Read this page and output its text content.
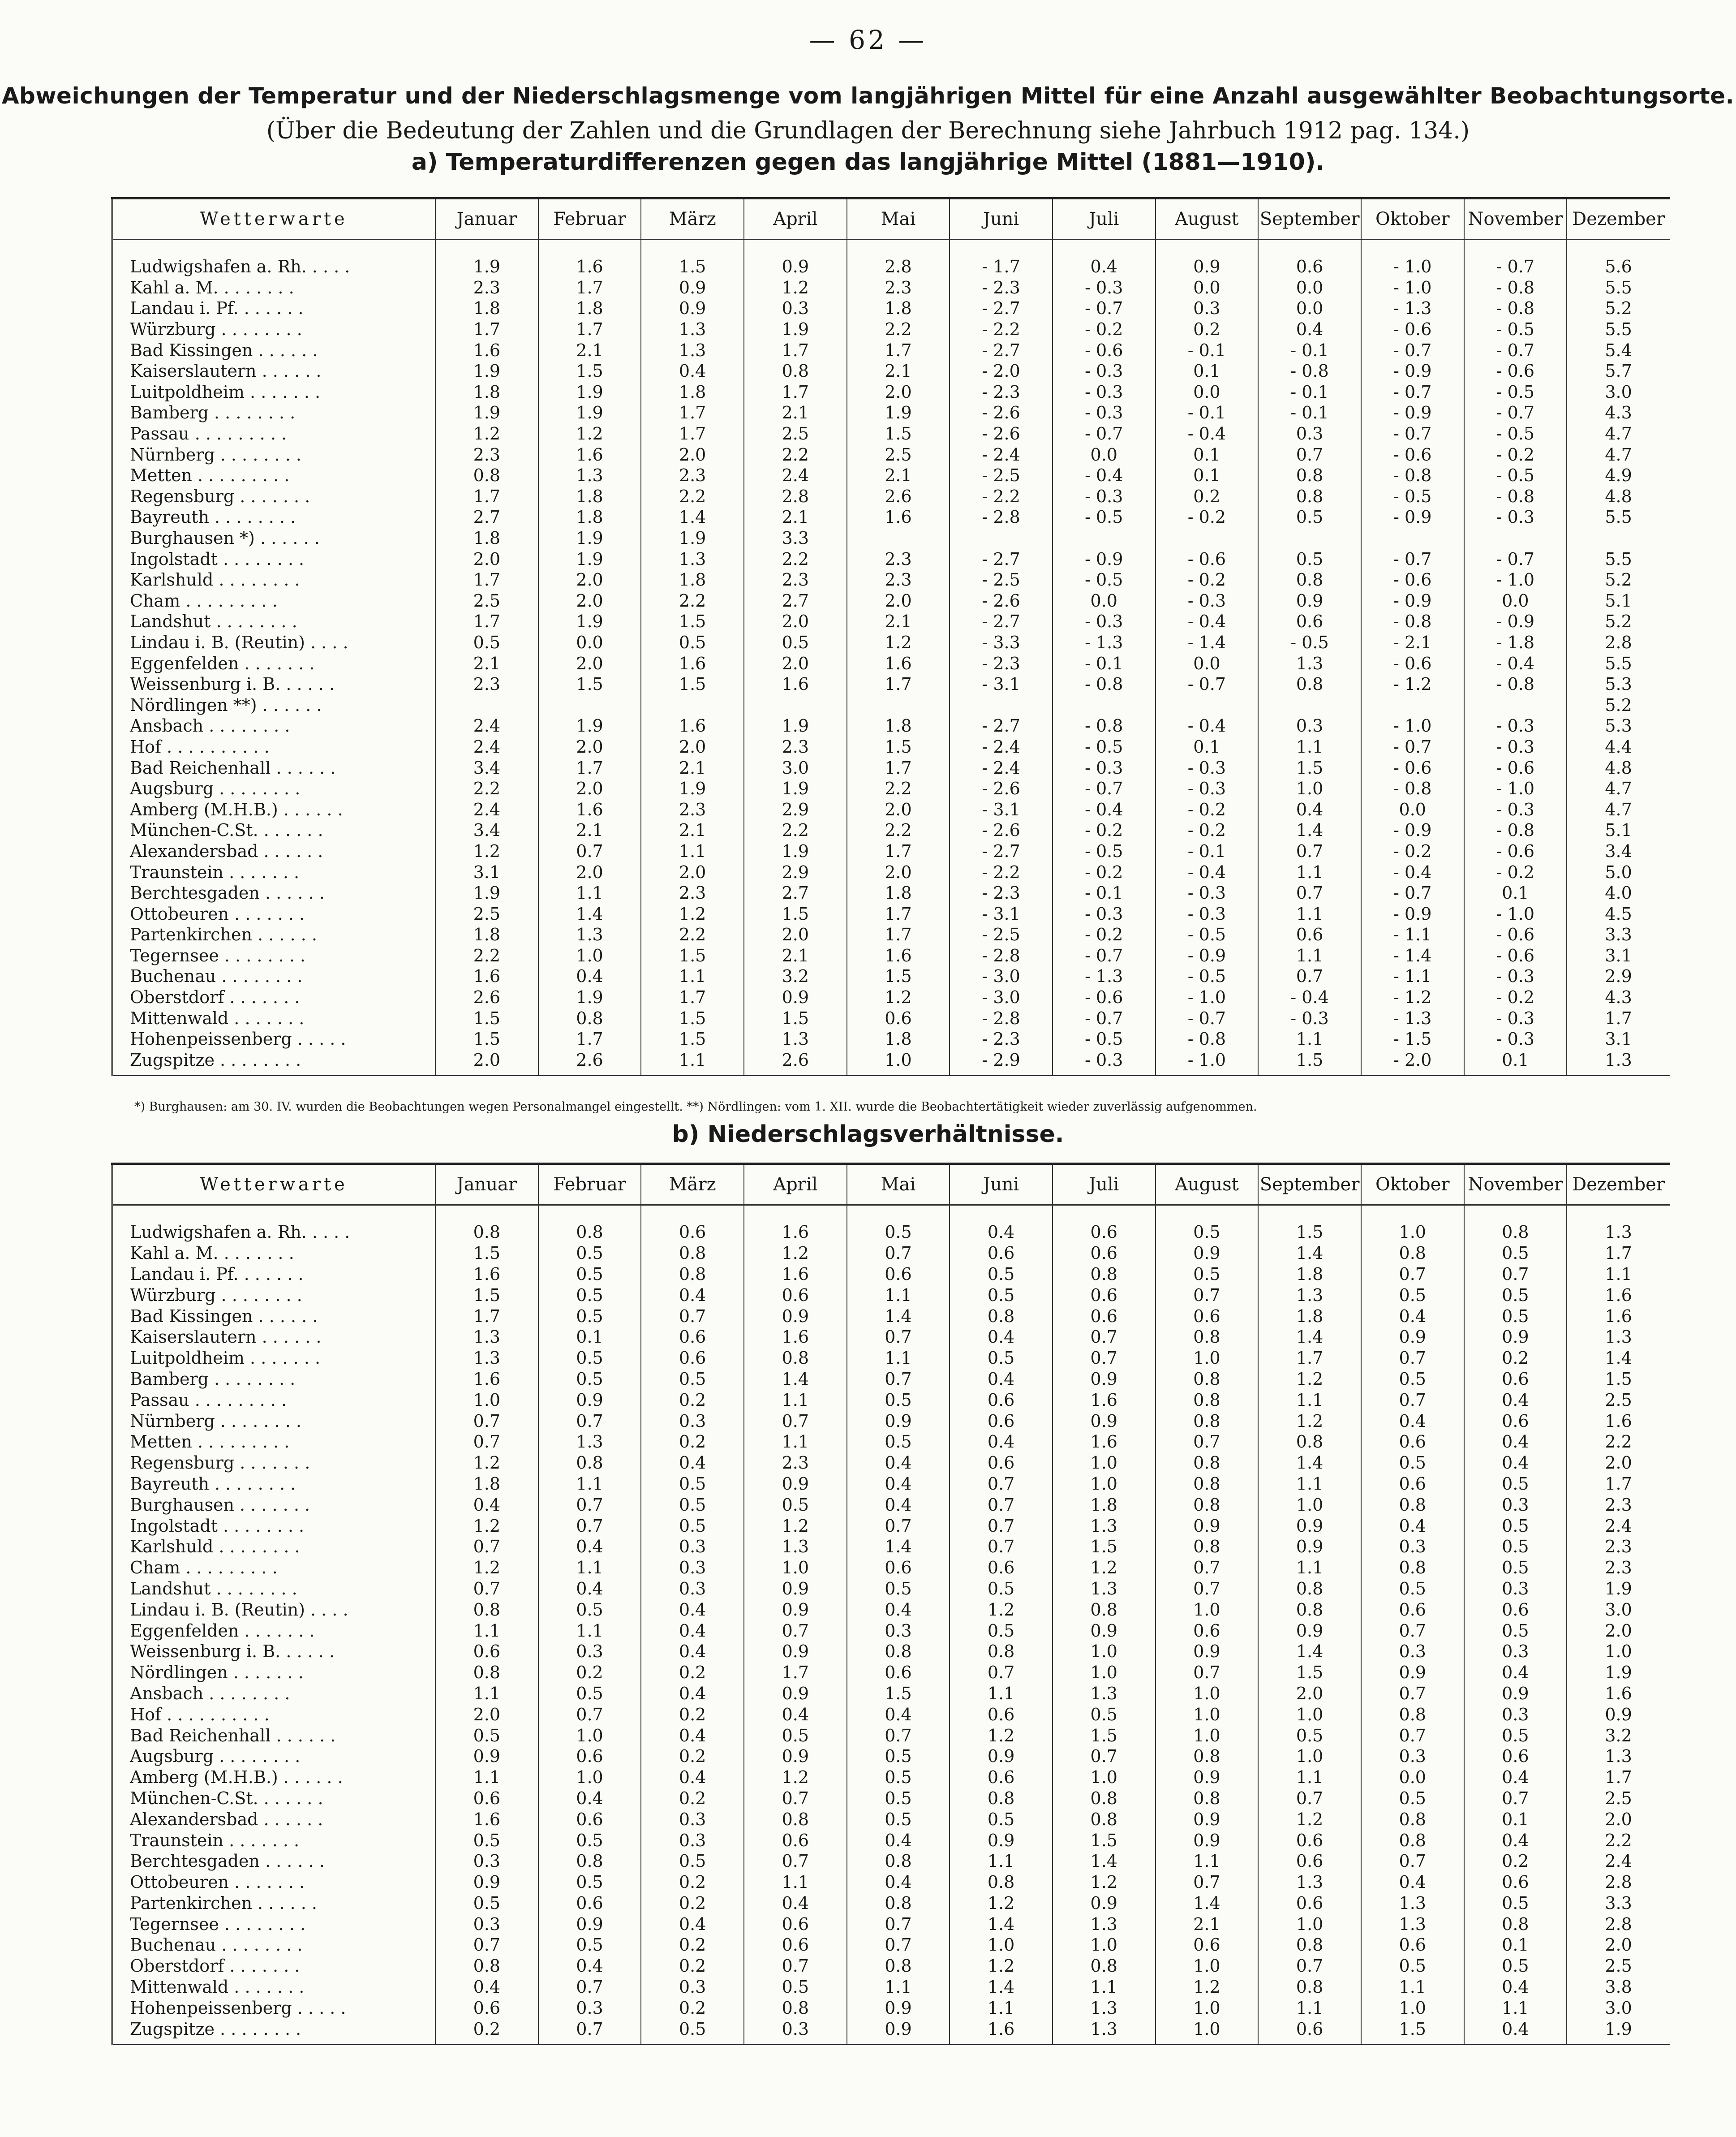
— 62 —
Abweichungen der Temperatur und der Niederschlagsmenge vom langjährigen Mittel für eine Anzahl ausgewählter Beobachtungsorte.
(Über die Bedeutung der Zahlen und die Grundlagen der Berechnung siehe Jahrbuch 1912 pag. 134.)
a) Temperaturdifferenzen gegen das langjährige Mittel (1881—1910).
Wetterwarte	Januar	Februar	März	April	Mai	Juni	Juli	August	September	Oktober	November	Dezember
Ludwigshafen a. Rh. . . . .	1.9	1.6	1.5	0.9	2.8	- 1.7	0.4	0.9	0.6	- 1.0	- 0.7	5.6
Kahl a. M. . . . . . . .	2.3	1.7	0.9	1.2	2.3	- 2.3	- 0.3	0.0	0.0	- 1.0	- 0.8	5.5
Landau i. Pf. . . . . . .	1.8	1.8	0.9	0.3	1.8	- 2.7	- 0.7	0.3	0.0	- 1.3	- 0.8	5.2
Würzburg . . . . . . . .	1.7	1.7	1.3	1.9	2.2	- 2.2	- 0.2	0.2	0.4	- 0.6	- 0.5	5.5
Bad Kissingen . . . . . .	1.6	2.1	1.3	1.7	1.7	- 2.7	- 0.6	- 0.1	- 0.1	- 0.7	- 0.7	5.4
Kaiserslautern . . . . . .	1.9	1.5	0.4	0.8	2.1	- 2.0	- 0.3	0.1	- 0.8	- 0.9	- 0.6	5.7
Luitpoldheim . . . . . . .	1.8	1.9	1.8	1.7	2.0	- 2.3	- 0.3	0.0	- 0.1	- 0.7	- 0.5	3.0
Bamberg . . . . . . . .	1.9	1.9	1.7	2.1	1.9	- 2.6	- 0.3	- 0.1	- 0.1	- 0.9	- 0.7	4.3
Passau . . . . . . . . .	1.2	1.2	1.7	2.5	1.5	- 2.6	- 0.7	- 0.4	0.3	- 0.7	- 0.5	4.7
Nürnberg . . . . . . . .	2.3	1.6	2.0	2.2	2.5	- 2.4	0.0	0.1	0.7	- 0.6	- 0.2	4.7
Metten . . . . . . . . .	0.8	1.3	2.3	2.4	2.1	- 2.5	- 0.4	0.1	0.8	- 0.8	- 0.5	4.9
Regensburg . . . . . . .	1.7	1.8	2.2	2.8	2.6	- 2.2	- 0.3	0.2	0.8	- 0.5	- 0.8	4.8
Bayreuth . . . . . . . .	2.7	1.8	1.4	2.1	1.6	- 2.8	- 0.5	- 0.2	0.5	- 0.9	- 0.3	5.5
Burghausen *) . . . . . .	1.8	1.9	1.9	3.3								
Ingolstadt . . . . . . . .	2.0	1.9	1.3	2.2	2.3	- 2.7	- 0.9	- 0.6	0.5	- 0.7	- 0.7	5.5
Karlshuld . . . . . . . .	1.7	2.0	1.8	2.3	2.3	- 2.5	- 0.5	- 0.2	0.8	- 0.6	- 1.0	5.2
Cham . . . . . . . . .	2.5	2.0	2.2	2.7	2.0	- 2.6	0.0	- 0.3	0.9	- 0.9	0.0	5.1
Landshut . . . . . . . .	1.7	1.9	1.5	2.0	2.1	- 2.7	- 0.3	- 0.4	0.6	- 0.8	- 0.9	5.2
Lindau i. B. (Reutin) . . . .	0.5	0.0	0.5	0.5	1.2	- 3.3	- 1.3	- 1.4	- 0.5	- 2.1	- 1.8	2.8
Eggenfelden . . . . . . .	2.1	2.0	1.6	2.0	1.6	- 2.3	- 0.1	0.0	1.3	- 0.6	- 0.4	5.5
Weissenburg i. B. . . . . .	2.3	1.5	1.5	1.6	1.7	- 3.1	- 0.8	- 0.7	0.8	- 1.2	- 0.8	5.3
Nördlingen **) . . . . . .												5.2
Ansbach . . . . . . . .	2.4	1.9	1.6	1.9	1.8	- 2.7	- 0.8	- 0.4	0.3	- 1.0	- 0.3	5.3
Hof . . . . . . . . . .	2.4	2.0	2.0	2.3	1.5	- 2.4	- 0.5	0.1	1.1	- 0.7	- 0.3	4.4
Bad Reichenhall . . . . . .	3.4	1.7	2.1	3.0	1.7	- 2.4	- 0.3	- 0.3	1.5	- 0.6	- 0.6	4.8
Augsburg . . . . . . . .	2.2	2.0	1.9	1.9	2.2	- 2.6	- 0.7	- 0.3	1.0	- 0.8	- 1.0	4.7
Amberg (M.H.B.) . . . . . .	2.4	1.6	2.3	2.9	2.0	- 3.1	- 0.4	- 0.2	0.4	0.0	- 0.3	4.7
München-C.St. . . . . . .	3.4	2.1	2.1	2.2	2.2	- 2.6	- 0.2	- 0.2	1.4	- 0.9	- 0.8	5.1
Alexandersbad . . . . . .	1.2	0.7	1.1	1.9	1.7	- 2.7	- 0.5	- 0.1	0.7	- 0.2	- 0.6	3.4
Traunstein . . . . . . .	3.1	2.0	2.0	2.9	2.0	- 2.2	- 0.2	- 0.4	1.1	- 0.4	- 0.2	5.0
Berchtesgaden . . . . . .	1.9	1.1	2.3	2.7	1.8	- 2.3	- 0.1	- 0.3	0.7	- 0.7	0.1	4.0
Ottobeuren . . . . . . .	2.5	1.4	1.2	1.5	1.7	- 3.1	- 0.3	- 0.3	1.1	- 0.9	- 1.0	4.5
Partenkirchen . . . . . .	1.8	1.3	2.2	2.0	1.7	- 2.5	- 0.2	- 0.5	0.6	- 1.1	- 0.6	3.3
Tegernsee . . . . . . . .	2.2	1.0	1.5	2.1	1.6	- 2.8	- 0.7	- 0.9	1.1	- 1.4	- 0.6	3.1
Buchenau . . . . . . . .	1.6	0.4	1.1	3.2	1.5	- 3.0	- 1.3	- 0.5	0.7	- 1.1	- 0.3	2.9
Oberstdorf . . . . . . .	2.6	1.9	1.7	0.9	1.2	- 3.0	- 0.6	- 1.0	- 0.4	- 1.2	- 0.2	4.3
Mittenwald . . . . . . .	1.5	0.8	1.5	1.5	0.6	- 2.8	- 0.7	- 0.7	- 0.3	- 1.3	- 0.3	1.7
Hohenpeissenberg . . . . .	1.5	1.7	1.5	1.3	1.8	- 2.3	- 0.5	- 0.8	1.1	- 1.5	- 0.3	3.1
Zugspitze . . . . . . . .	2.0	2.6	1.1	2.6	1.0	- 2.9	- 0.3	- 1.0	1.5	- 2.0	0.1	1.3
*) Burghausen: am 30. IV. wurden die Beobachtungen wegen Personalmangel eingestellt. **) Nördlingen: vom 1. XII. wurde die Beobachtertätigkeit wieder zuverlässig aufgenommen.
b) Niederschlagsverhältnisse.
Wetterwarte	Januar	Februar	März	April	Mai	Juni	Juli	August	September	Oktober	November	Dezember
Ludwigshafen a. Rh. . . . .	0.8	0.8	0.6	1.6	0.5	0.4	0.6	0.5	1.5	1.0	0.8	1.3
Kahl a. M. . . . . . . .	1.5	0.5	0.8	1.2	0.7	0.6	0.6	0.9	1.4	0.8	0.5	1.7
Landau i. Pf. . . . . . .	1.6	0.5	0.8	1.6	0.6	0.5	0.8	0.5	1.8	0.7	0.7	1.1
Würzburg . . . . . . . .	1.5	0.5	0.4	0.6	1.1	0.5	0.6	0.7	1.3	0.5	0.5	1.6
Bad Kissingen . . . . . .	1.7	0.5	0.7	0.9	1.4	0.8	0.6	0.6	1.8	0.4	0.5	1.6
Kaiserslautern . . . . . .	1.3	0.1	0.6	1.6	0.7	0.4	0.7	0.8	1.4	0.9	0.9	1.3
Luitpoldheim . . . . . . .	1.3	0.5	0.6	0.8	1.1	0.5	0.7	1.0	1.7	0.7	0.2	1.4
Bamberg . . . . . . . .	1.6	0.5	0.5	1.4	0.7	0.4	0.9	0.8	1.2	0.5	0.6	1.5
Passau . . . . . . . . .	1.0	0.9	0.2	1.1	0.5	0.6	1.6	0.8	1.1	0.7	0.4	2.5
Nürnberg . . . . . . . .	0.7	0.7	0.3	0.7	0.9	0.6	0.9	0.8	1.2	0.4	0.6	1.6
Metten . . . . . . . . .	0.7	1.3	0.2	1.1	0.5	0.4	1.6	0.7	0.8	0.6	0.4	2.2
Regensburg . . . . . . .	1.2	0.8	0.4	2.3	0.4	0.6	1.0	0.8	1.4	0.5	0.4	2.0
Bayreuth . . . . . . . .	1.8	1.1	0.5	0.9	0.4	0.7	1.0	0.8	1.1	0.6	0.5	1.7
Burghausen . . . . . . .	0.4	0.7	0.5	0.5	0.4	0.7	1.8	0.8	1.0	0.8	0.3	2.3
Ingolstadt . . . . . . . .	1.2	0.7	0.5	1.2	0.7	0.7	1.3	0.9	0.9	0.4	0.5	2.4
Karlshuld . . . . . . . .	0.7	0.4	0.3	1.3	1.4	0.7	1.5	0.8	0.9	0.3	0.5	2.3
Cham . . . . . . . . .	1.2	1.1	0.3	1.0	0.6	0.6	1.2	0.7	1.1	0.8	0.5	2.3
Landshut . . . . . . . .	0.7	0.4	0.3	0.9	0.5	0.5	1.3	0.7	0.8	0.5	0.3	1.9
Lindau i. B. (Reutin) . . . .	0.8	0.5	0.4	0.9	0.4	1.2	0.8	1.0	0.8	0.6	0.6	3.0
Eggenfelden . . . . . . .	1.1	1.1	0.4	0.7	0.3	0.5	0.9	0.6	0.9	0.7	0.5	2.0
Weissenburg i. B. . . . . .	0.6	0.3	0.4	0.9	0.8	0.8	1.0	0.9	1.4	0.3	0.3	1.0
Nördlingen . . . . . . .	0.8	0.2	0.2	1.7	0.6	0.7	1.0	0.7	1.5	0.9	0.4	1.9
Ansbach . . . . . . . .	1.1	0.5	0.4	0.9	1.5	1.1	1.3	1.0	2.0	0.7	0.9	1.6
Hof . . . . . . . . . .	2.0	0.7	0.2	0.4	0.4	0.6	0.5	1.0	1.0	0.8	0.3	0.9
Bad Reichenhall . . . . . .	0.5	1.0	0.4	0.5	0.7	1.2	1.5	1.0	0.5	0.7	0.5	3.2
Augsburg . . . . . . . .	0.9	0.6	0.2	0.9	0.5	0.9	0.7	0.8	1.0	0.3	0.6	1.3
Amberg (M.H.B.) . . . . . .	1.1	1.0	0.4	1.2	0.5	0.6	1.0	0.9	1.1	0.0	0.4	1.7
München-C.St. . . . . . .	0.6	0.4	0.2	0.7	0.5	0.8	0.8	0.8	0.7	0.5	0.7	2.5
Alexandersbad . . . . . .	1.6	0.6	0.3	0.8	0.5	0.5	0.8	0.9	1.2	0.8	0.1	2.0
Traunstein . . . . . . .	0.5	0.5	0.3	0.6	0.4	0.9	1.5	0.9	0.6	0.8	0.4	2.2
Berchtesgaden . . . . . .	0.3	0.8	0.5	0.7	0.8	1.1	1.4	1.1	0.6	0.7	0.2	2.4
Ottobeuren . . . . . . .	0.9	0.5	0.2	1.1	0.4	0.8	1.2	0.7	1.3	0.4	0.6	2.8
Partenkirchen . . . . . .	0.5	0.6	0.2	0.4	0.8	1.2	0.9	1.4	0.6	1.3	0.5	3.3
Tegernsee . . . . . . . .	0.3	0.9	0.4	0.6	0.7	1.4	1.3	2.1	1.0	1.3	0.8	2.8
Buchenau . . . . . . . .	0.7	0.5	0.2	0.6	0.7	1.0	1.0	0.6	0.8	0.6	0.1	2.0
Oberstdorf . . . . . . .	0.8	0.4	0.2	0.7	0.8	1.2	0.8	1.0	0.7	0.5	0.5	2.5
Mittenwald . . . . . . .	0.4	0.7	0.3	0.5	1.1	1.4	1.1	1.2	0.8	1.1	0.4	3.8
Hohenpeissenberg . . . . .	0.6	0.3	0.2	0.8	0.9	1.1	1.3	1.0	1.1	1.0	1.1	3.0
Zugspitze . . . . . . . .	0.2	0.7	0.5	0.3	0.9	1.6	1.3	1.0	0.6	1.5	0.4	1.9
